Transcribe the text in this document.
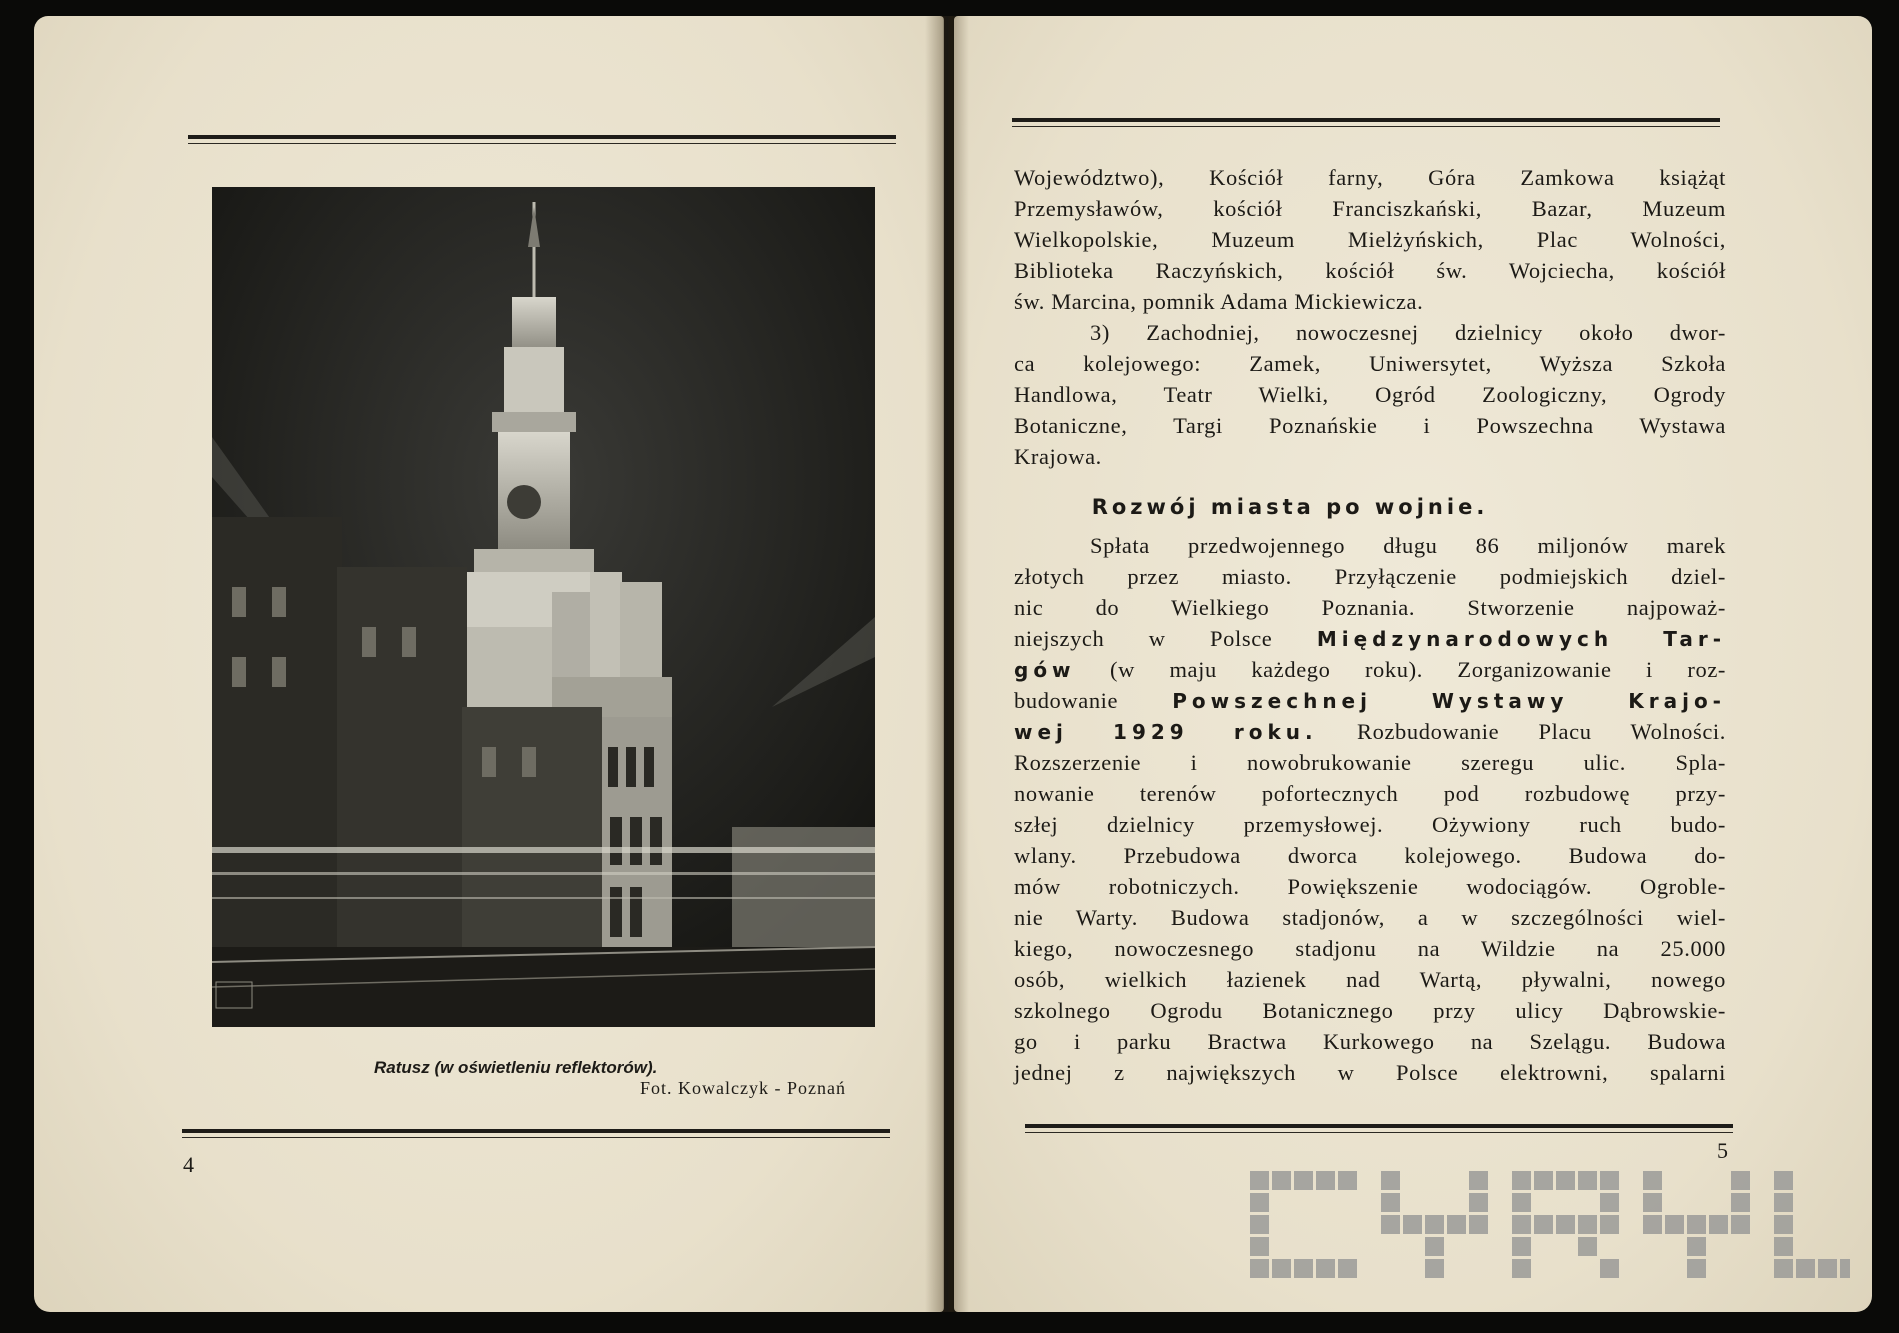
Ratusz (w oświetleniu reflektorów).
Fot. Kowalczyk - Poznań
4
Województwo), Kościół farny, Góra Zamkowa książąt
Przemysławów, kościół Franciszkański, Bazar, Muzeum
Wielkopolskie, Muzeum Mielżyńskich, Plac Wolności,
Biblioteka Raczyńskich, kościół św. Wojciecha, kościół
św. Marcina, pomnik Adama Mickiewicza.
3) Zachodniej, nowoczesnej dzielnicy około dwor-
ca kolejowego: Zamek, Uniwersytet, Wyższa Szkoła
Handlowa, Teatr Wielki, Ogród Zoologiczny, Ogrody
Botaniczne, Targi Poznańskie i Powszechna Wystawa
Krajowa.
Rozwój miasta po wojnie.
Spłata przedwojennego długu 86 miljonów marek
złotych przez miasto. Przyłączenie podmiejskich dziel-
nic do Wielkiego Poznania. Stworzenie najpoważ-
niejszych w Polsce Międzynarodowych Tar-
gów (w maju każdego roku). Zorganizowanie i roz-
budowanie	Powszechnej Wystawy Krajo-
wej 1929 roku. Rozbudowanie Placu Wolności.
Rozszerzenie i nowobrukowanie szeregu ulic. Spla-
nowanie terenów pofortecznych pod rozbudowę przy-
szłej dzielnicy przemysłowej. Ożywiony ruch budo-
wlany. Przebudowa dworca kolejowego. Budowa do-
mów robotniczych. Powiększenie wodociągów. Ogroble-
nie Warty. Budowa stadjonów, a w szczególności wiel-
kiego, nowoczesnego stadjonu na Wildzie na 25.000
osób, wielkich łazienek nad Wartą, pływalni, nowego
szkolnego Ogrodu Botanicznego przy ulicy Dąbrowskie-
go i parku Bractwa Kurkowego na Szelągu. Budowa
jednej z największych w Polsce elektrowni, spalarni
5
